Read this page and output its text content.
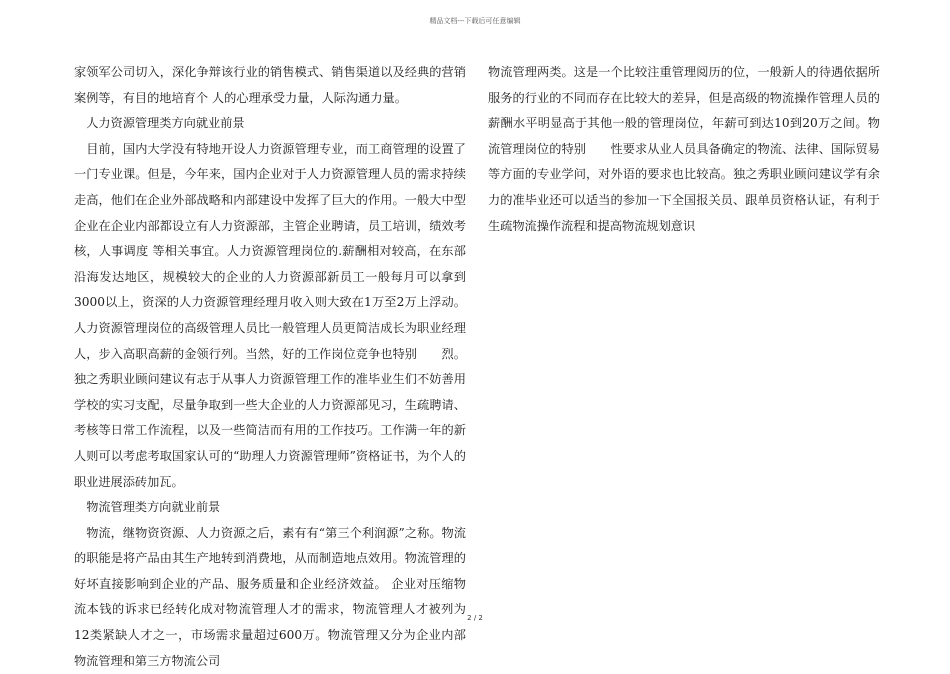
精品文档---下载后可任意编辑

家领军公司切入，深化争辩该行业的销售模式、销售渠道以及经典的营销案例等，有目的地培育个 人的心理承受力量，人际沟通力量。

人力资源管理类方向就业前景

目前，国内大学没有特地开设人力资源管理专业，而工商管理的设置了一门专业课。但是，今年来，国内企业对于人力资源管理人员的需求持续走高，他们在企业外部战略和内部建设中发挥了巨大的作用。一般大中型企业在企业内部都设立有人力资源部，主管企业聘请，员工培训，绩效考核，人事调度 等相关事宜。人力资源管理岗位的.薪酬相对较高，在东部沿海发达地区，规模较大的企业的人力资源部新员工一般每月可以拿到3000以上，资深的人力资源管理经理月收入则大致在1万至2万上浮动。人力资源管理岗位的高级管理人员比一般管理人员更简洁成长为职业经理人，步入高职高薪的金领行列。当然，好的工作岗位竞争也特别　　烈。独之秀职业顾问建议有志于从事人力资源管理工作的准毕业生们不妨善用学校的实习支配，尽量争取到一些大企业的人力资源部见习，生疏聘请、考核等日常工作流程，以及一些简洁而有用的工作技巧。工作满一年的新人则可以考虑考取国家认可的“助理人力资源管理师”资格证书，为个人的职业进展添砖加瓦。

物流管理类方向就业前景

物流，继物资资源、人力资源之后，素有有“第三个利润源”之称。物流的职能是将产品由其生产地转到消费地，从而制造地点效用。物流管理的好坏直接影响到企业的产品、服务质量和企业经济效益。 企业对压缩物流本钱的诉求已经转化成对物流管理人才的需求，物流管理人才被列为12类紧缺人才之一，市场需求量超过600万。物流管理又分为企业内部物流管理和第三方物流公司

物流管理两类。这是一个比较注重管理阅历的位，一般新人的待遇依据所服务的行业的不同而存在比较大的差异，但是高级的物流操作管理人员的薪酬水平明显高于其他一般的管理岗位，年薪可到达10到20万之间。物流管理岗位的特别　　性要求从业人员具备确定的物流、法律、国际贸易等方面的专业学问，对外语的要求也比较高。独之秀职业顾问建议学有余力的准毕业还可以适当的参加一下全国报关员、跟单员资格认证，有利于生疏物流操作流程和提高物流规划意识

2 / 2
